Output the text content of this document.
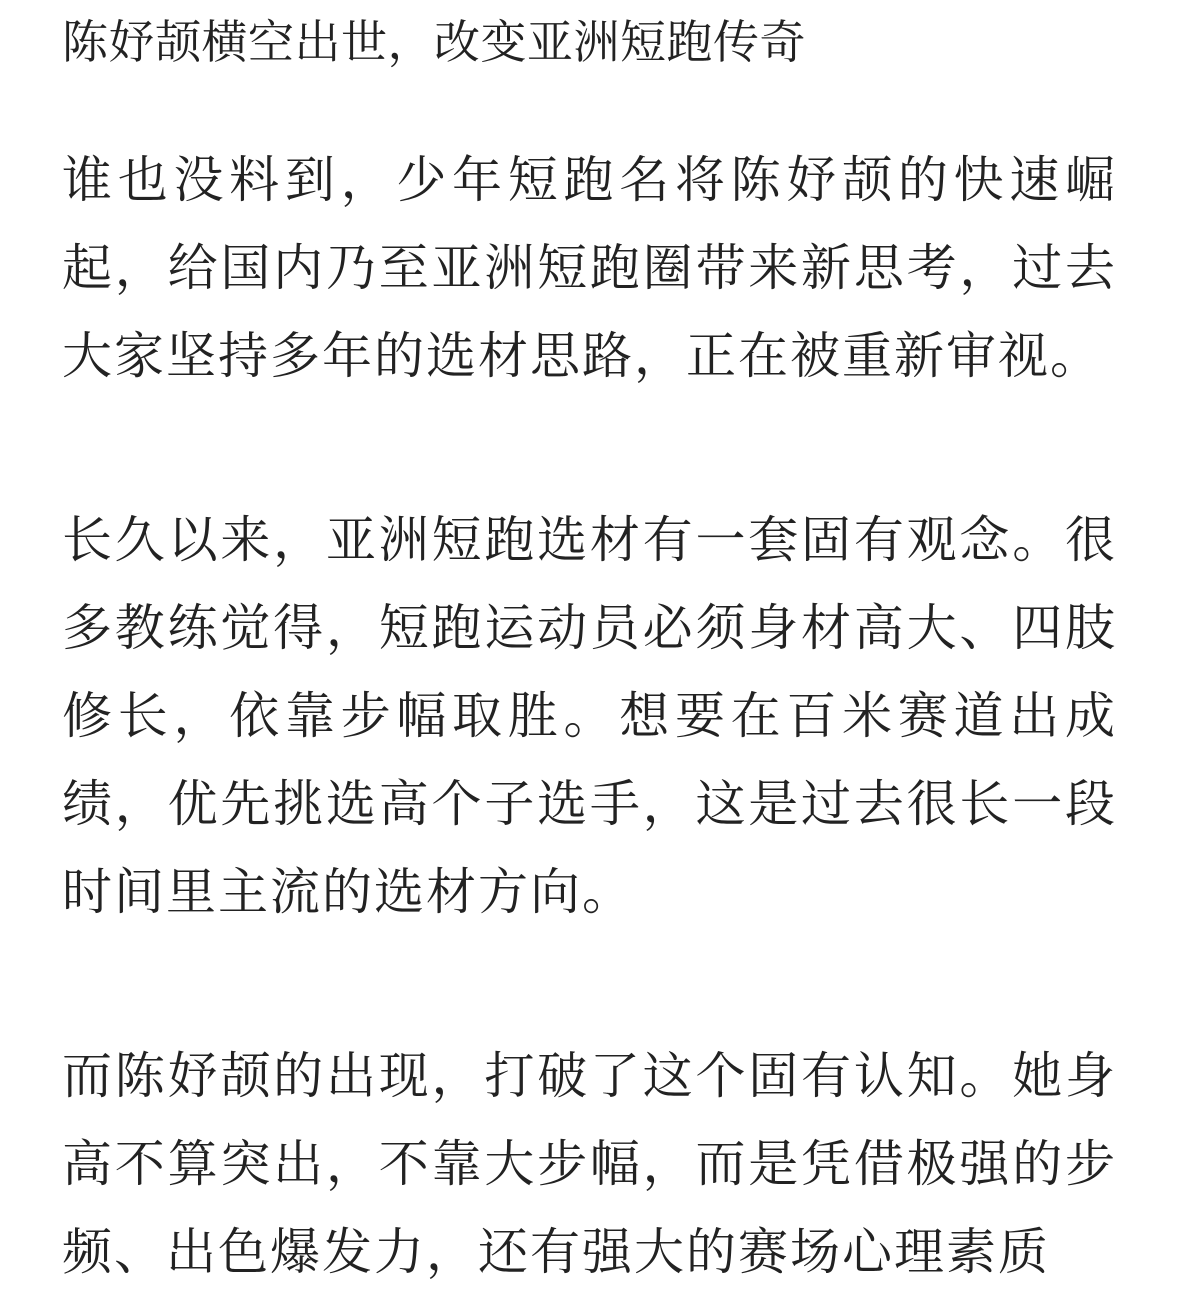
陈妤颉横空出世，改变亚洲短跑传奇

谁也没料到，少年短跑名将陈妤颉的快速崛起，给国内乃至亚洲短跑圈带来新思考，过去大家坚持多年的选材思路，正在被重新审视。

长久以来，亚洲短跑选材有一套固有观念。很多教练觉得，短跑运动员必须身材高大、四肢修长，依靠步幅取胜。想要在百米赛道出成绩，优先挑选高个子选手，这是过去很长一段时间里主流的选材方向。

而陈妤颉的出现，打破了这个固有认知。她身高不算突出，不靠大步幅，而是凭借极强的步频、出色爆发力，还有强大的赛场心理素质
